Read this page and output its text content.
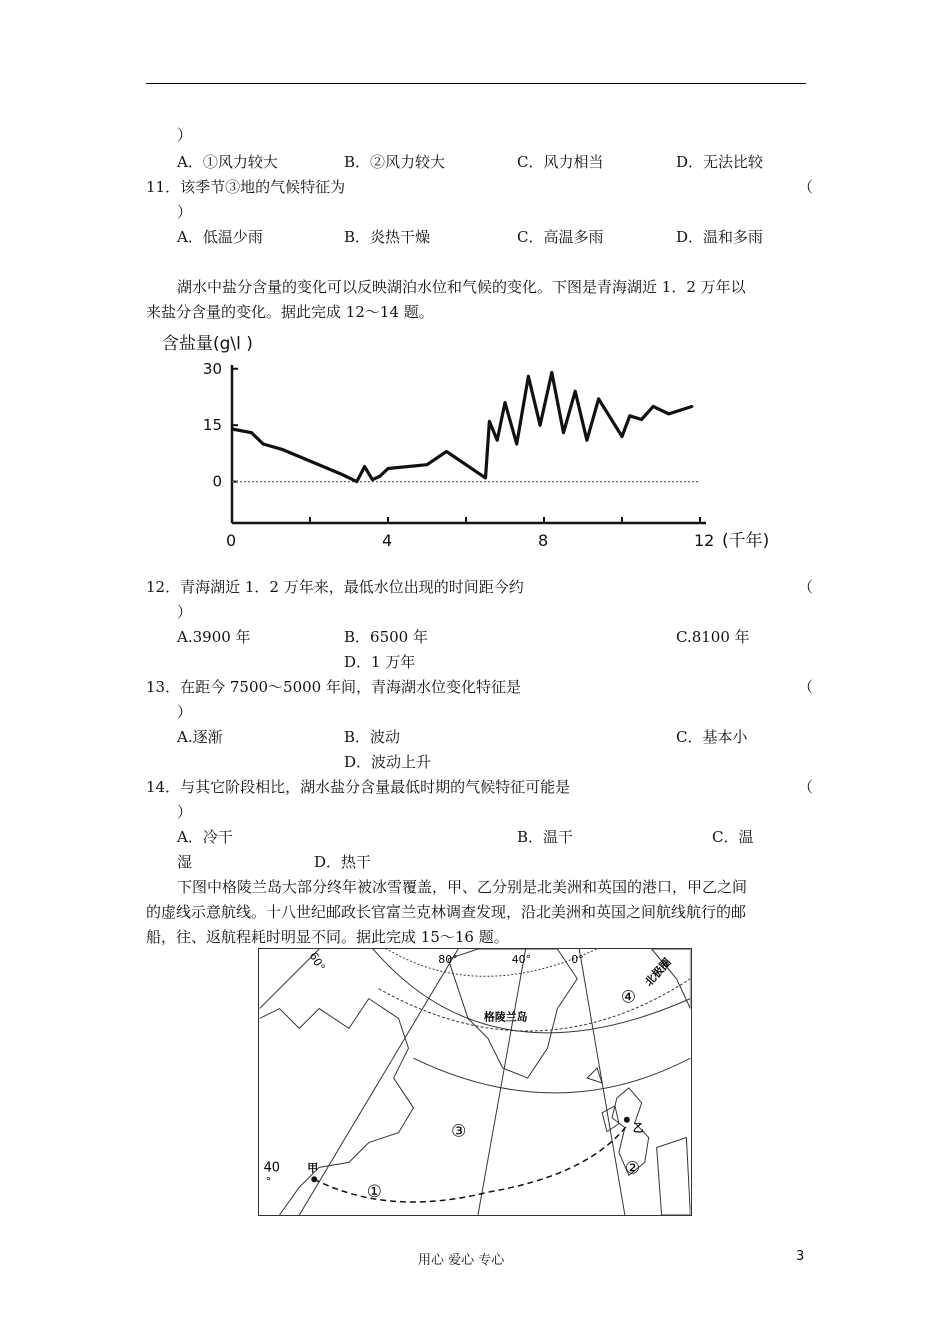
）
A．①风力较大	B．②风力较大	C．风力相当	D．无法比较
11．该季节③地的气候特征为	（
）
A．低温少雨	B．炎热干燥	C．高温多雨	D．温和多雨
湖水中盐分含量的变化可以反映湖泊水位和气候的变化。下图是青海湖近 1．2 万年以
来盐分含量的变化。据此完成 12～14 题。
含盐量(g\l )
0	4	8	12
30
15
0
(千年)
12．青海湖近 1．2 万年来，最低水位出现的时间距今约	（
）
A.3900 年	B．6500 年	C.8100 年
D．1 万年
13．在距今 7500～5000 年间，青海湖水位变化特征是	（
）
A.逐渐	B．波动	C．基本小
D．波动上升
14．与其它阶段相比，湖水盐分含量最低时期的气候特征可能是	（
）
A．冷干	B．温干	C．温
湿	D．热干
下图中格陵兰岛大部分终年被冰雪覆盖，甲、乙分别是北美洲和英国的港口，甲乙之间
的虚线示意航线。十八世纪邮政长官富兰克林调查发现，沿北美洲和英国之间航线航行的邮
船，往、返航程耗时明显不同。据此完成 15～16 题。
80°	40°	0°
60°
40
°
北极圈
格陵兰岛
甲
乙
①
②
③
④
用心 爱心 专心	3
